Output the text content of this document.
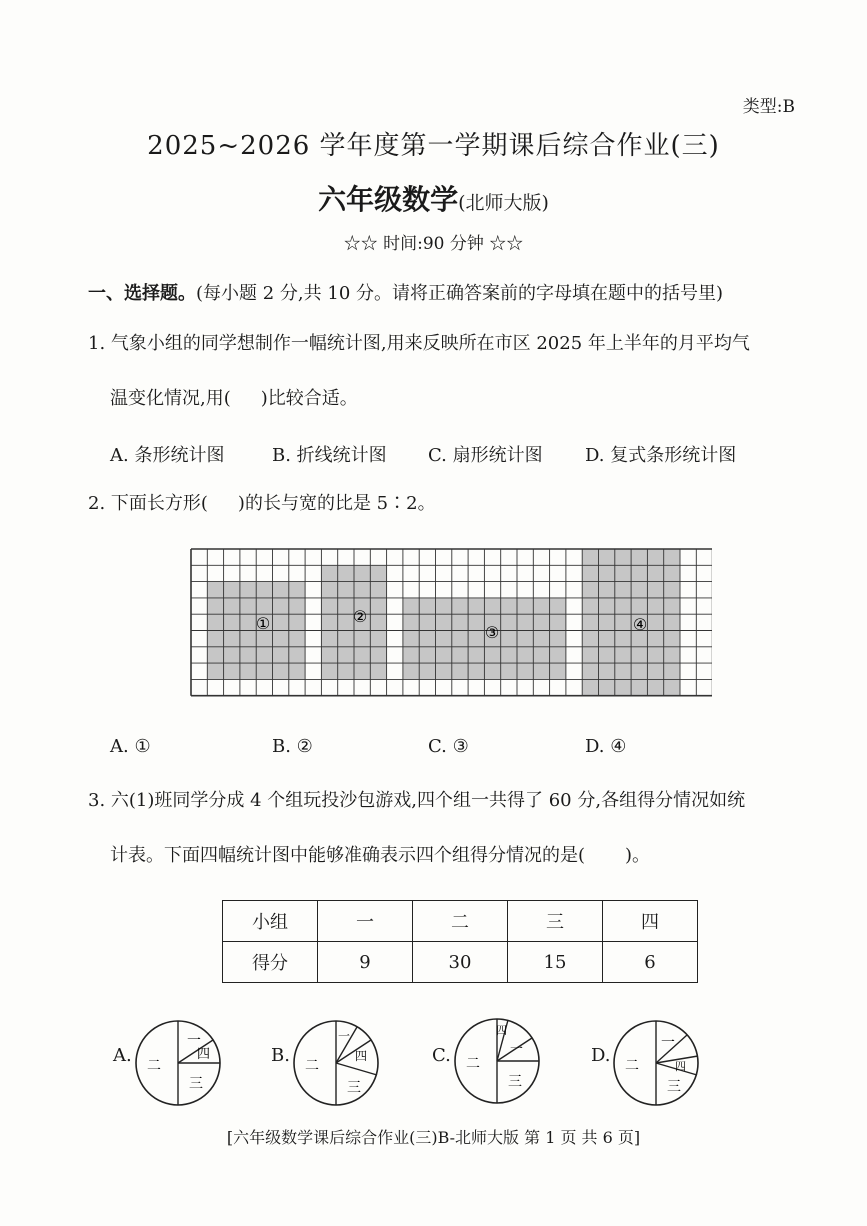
类型:B
2025~2026 学年度第一学期课后综合作业(三)
六年级数学(北师大版)
☆☆ 时间:90 分钟 ☆☆
一、选择题。(每小题 2 分,共 10 分。请将正确答案前的字母填在题中的括号里)
1. 气象小组的同学想制作一幅统计图,用来反映所在市区 2025 年上半年的月平均气
温变化情况,用( )比较合适。
A. 条形统计图	B. 折线统计图 C. 扇形统计图 D. 复式条形统计图
2. 下面长方形( )的长与宽的比是 5∶2。
①	②
③	④
A. ①	B. ②	C. ③	D. ④
3. 六(1)班同学分成 4 个组玩投沙包游戏,四个组一共得了 60 分,各组得分情况如统
计表。下面四幅统计图中能够准确表示四个组得分情况的是( )。
小组	一	二	三	四
得分	9	30	15	6
A.
一
二
三
四	B.
一
二
三
四	C. 二
一
三
四
D.
一
二
三
四
[六年级数学课后综合作业(三)B-北师大版 第 1 页 共 6 页]
